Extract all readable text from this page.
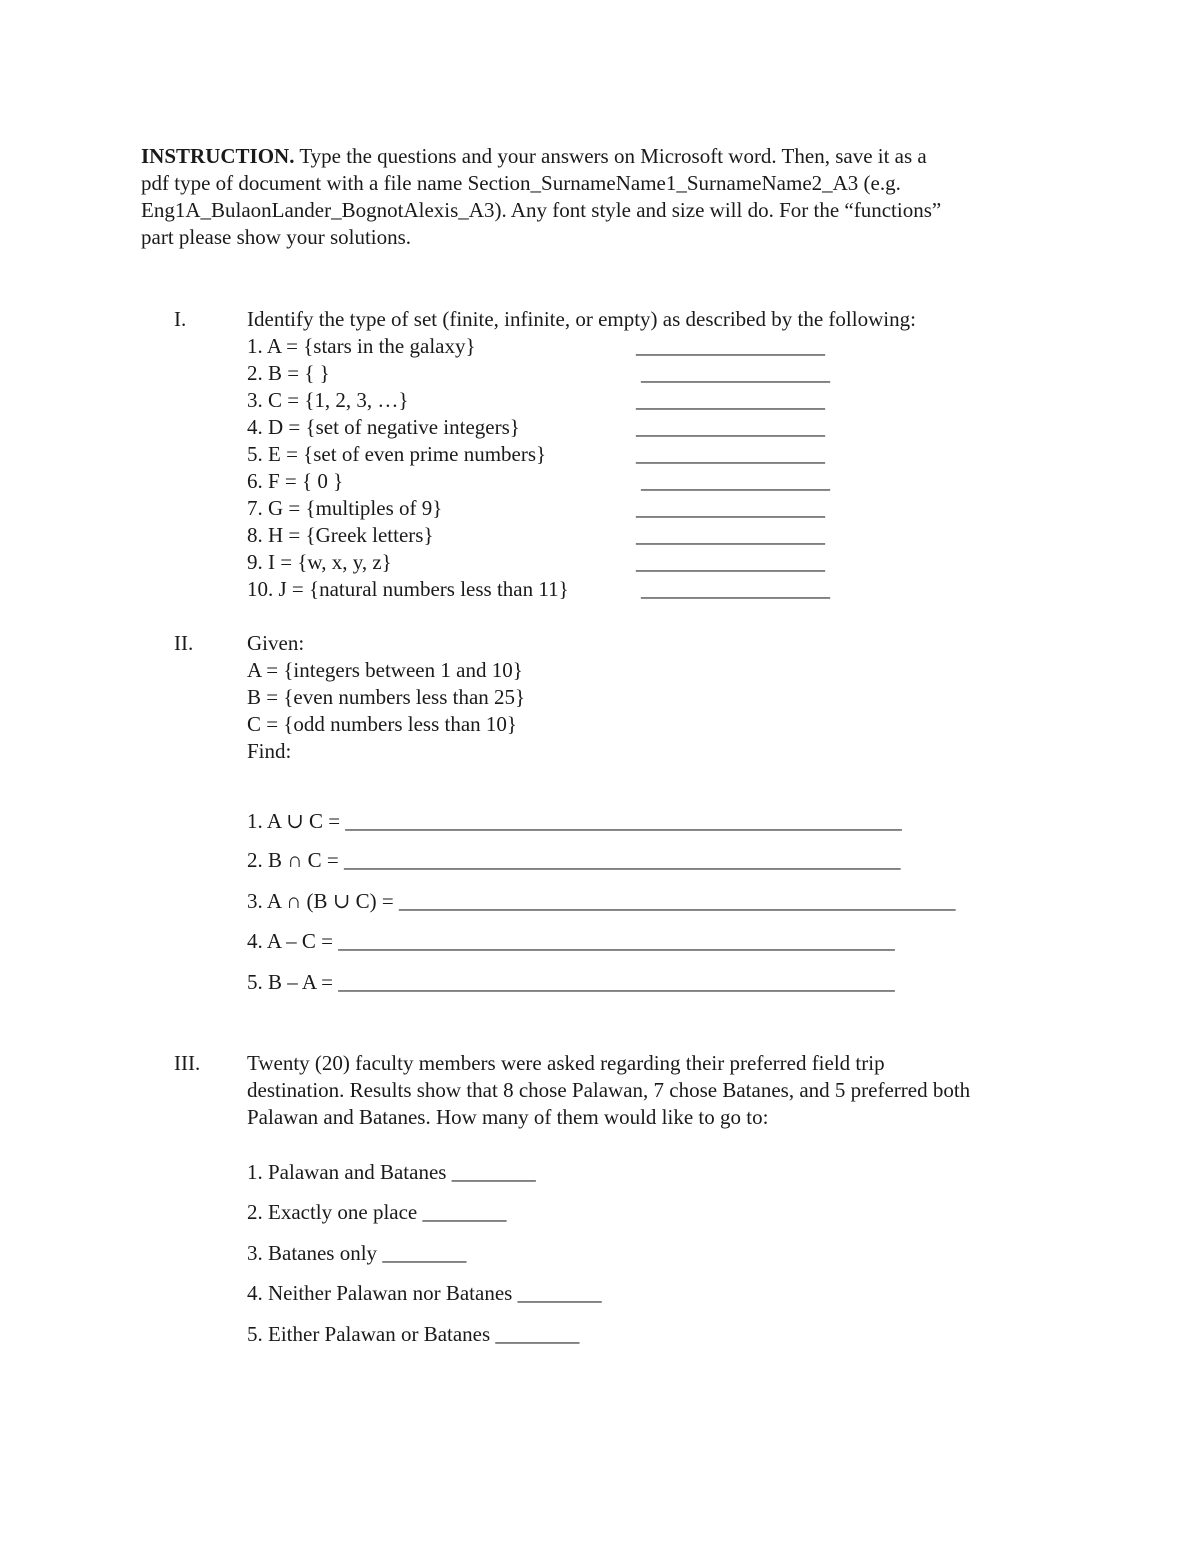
INSTRUCTION. Type the questions and your answers on Microsoft word. Then, save it as a
pdf type of document with a file name Section_SurnameName1_SurnameName2_A3 (e.g.
Eng1A_BulaonLander_BognotAlexis_A3). Any font style and size will do. For the “functions”
part please show your solutions.
I.	Identify the type of set (finite, infinite, or empty) as described by the following:
1. A = {stars in the galaxy}	__________________
2. B = { }	__________________
3. C = {1, 2, 3, …}	__________________
4. D = {set of negative integers}	__________________
5. E = {set of even prime numbers}	__________________
6. F = { 0 }	__________________
7. G = {multiples of 9}	__________________
8. H = {Greek letters}	__________________
9. I = {w, x, y, z}	__________________
10. J = {natural numbers less than 11}	__________________
II.	Given:
A = {integers between 1 and 10}
B = {even numbers less than 25}
C = {odd numbers less than 10}
Find:
1. A ∪ C = _____________________________________________________
2. B ∩ C = _____________________________________________________
3. A ∩ (B ∪ C) = _____________________________________________________
4. A – C = _____________________________________________________
5. B – A = _____________________________________________________
III. Twenty (20) faculty members were asked regarding their preferred field trip
destination. Results show that 8 chose Palawan, 7 chose Batanes, and 5 preferred both
Palawan and Batanes. How many of them would like to go to:
1. Palawan and Batanes ________
2. Exactly one place ________
3. Batanes only ________
4. Neither Palawan nor Batanes ________
5. Either Palawan or Batanes ________
